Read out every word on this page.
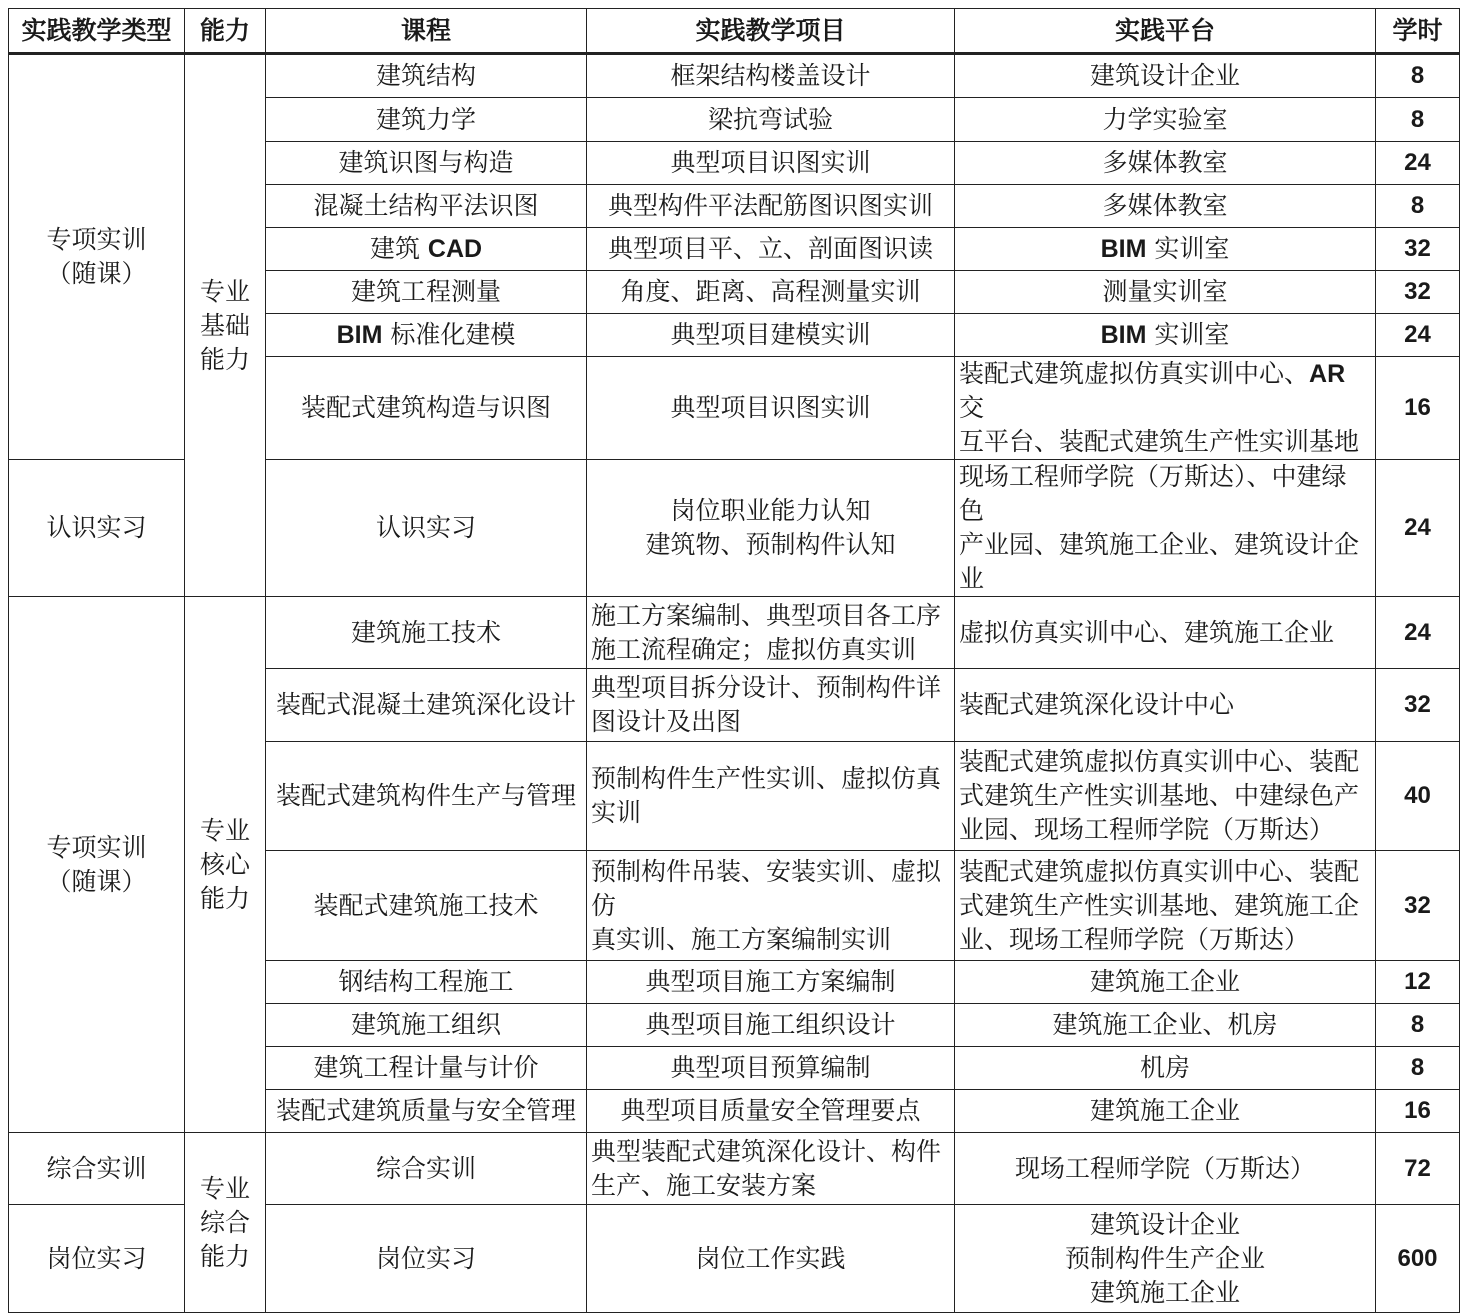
实践教学类型	能力	课程	实践教学项目	实践平台	学时
专项实训
（随课）	专业
基础
能力	建筑结构	框架结构楼盖设计	建筑设计企业	8
		建筑力学	梁抗弯试验	力学实验室	8
		建筑识图与构造	典型项目识图实训	多媒体教室	24
		混凝土结构平法识图	典型构件平法配筋图识图实训	多媒体教室	8
		建筑 CAD	典型项目平、立、剖面图识读	BIM 实训室	32
		建筑工程测量	角度、距离、高程测量实训	测量实训室	32
		BIM 标准化建模	典型项目建模实训	BIM 实训室	24
		装配式建筑构造与识图	典型项目识图实训	装配式建筑虚拟仿真实训中心、AR 交
互平台、装配式建筑生产性实训基地	16
认识实习		认识实习	岗位职业能力认知
建筑物、预制构件认知	现场工程师学院（万斯达）、中建绿色
产业园、建筑施工企业、建筑设计企业	24
专项实训
（随课）	专业
核心
能力	建筑施工技术	施工方案编制、典型项目各工序
施工流程确定；虚拟仿真实训	虚拟仿真实训中心、建筑施工企业	24
		装配式混凝土建筑深化设计	典型项目拆分设计、预制构件详
图设计及出图	装配式建筑深化设计中心	32
		装配式建筑构件生产与管理	预制构件生产性实训、虚拟仿真
实训	装配式建筑虚拟仿真实训中心、装配
式建筑生产性实训基地、中建绿色产
业园、现场工程师学院（万斯达）	40
		装配式建筑施工技术	预制构件吊装、安装实训、虚拟仿
真实训、施工方案编制实训	装配式建筑虚拟仿真实训中心、装配
式建筑生产性实训基地、建筑施工企
业、现场工程师学院（万斯达）	32
		钢结构工程施工	典型项目施工方案编制	建筑施工企业	12
		建筑施工组织	典型项目施工组织设计	建筑施工企业、机房	8
		建筑工程计量与计价	典型项目预算编制	机房	8
		装配式建筑质量与安全管理	典型项目质量安全管理要点	建筑施工企业	16
综合实训	专业
综合
能力	综合实训	典型装配式建筑深化设计、构件
生产、施工安装方案	现场工程师学院（万斯达）	72
岗位实习		岗位实习	岗位工作实践	建筑设计企业
预制构件生产企业
建筑施工企业	600
